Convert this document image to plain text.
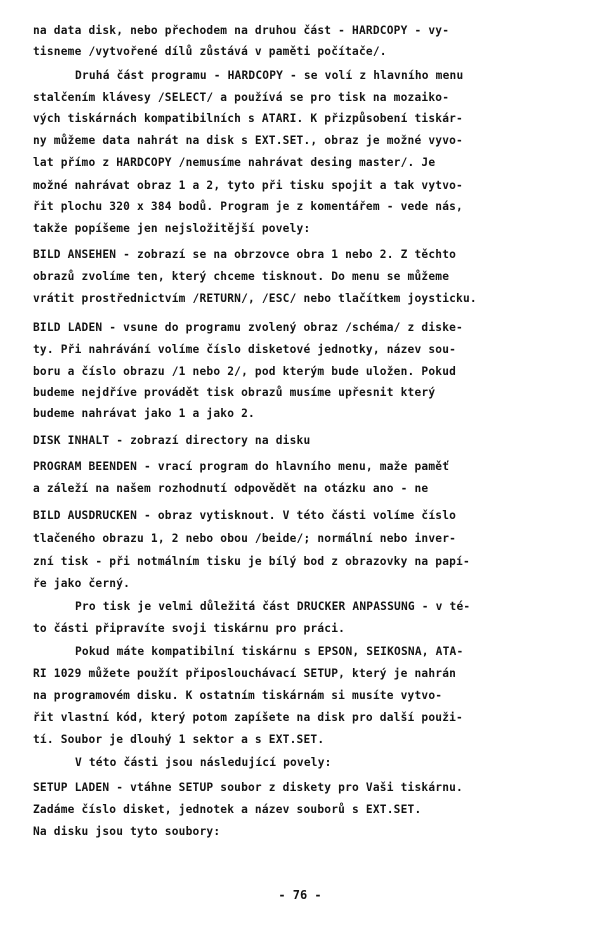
na data disk, nebo přechodem na druhou část - HARDCOPY - vy-
tisneme /vytvořené dílů zůstává v paměti počítače/.
Druhá část programu - HARDCOPY - se volí z hlavního menu
stalčením klávesy /SELECT/ a používá se pro tisk na mozaiko-
vých tiskárnách kompatibilních s ATARI. K přizpůsobení tiskár-
ny můžeme data nahrát na disk s EXT.SET., obraz je možné vyvo-
lat přímo z HARDCOPY /nemusíme nahrávat desing master/. Je
možné nahrávat obraz 1 a 2, tyto při tisku spojit a tak vytvo-
řit plochu 320 x 384 bodů. Program je z komentářem - vede nás,
takže popíšeme jen nejsložitější povely:
BILD ANSEHEN - zobrazí se na obrzovce obra 1 nebo 2. Z těchto
obrazů zvolíme ten, který chceme tisknout. Do menu se můžeme
vrátit prostřednictvím /RETURN/, /ESC/ nebo tlačítkem joysticku.
BILD LADEN - vsune do programu zvolený obraz /schéma/ z diske-
ty. Při nahrávání volíme číslo disketové jednotky, název sou-
boru a číslo obrazu /1 nebo 2/, pod kterým bude uložen. Pokud
budeme nejdříve provádět tisk obrazů musíme upřesnit který
budeme nahrávat jako 1 a jako 2.
DISK INHALT - zobrazí directory na disku
PROGRAM BEENDEN - vrací program do hlavního menu, maže paměť
a záleží na našem rozhodnutí odpovědět na otázku ano - ne
BILD AUSDRUCKEN - obraz vytisknout. V této části volíme číslo
tlačeného obrazu 1, 2 nebo obou /beide/; normální nebo inver-
zní tisk - při notmálním tisku je bílý bod z obrazovky na papí-
ře jako černý.
Pro tisk je velmi důležitá část DRUCKER ANPASSUNG - v té-
to části připravíte svoji tiskárnu pro práci.
Pokud máte kompatibilní tiskárnu s EPSON, SEIKOSNA, ATA-
RI 1029 můžete použít připoslouchávací SETUP, který je nahrán
na programovém disku. K ostatním tiskárnám si musíte vytvo-
řit vlastní kód, který potom zapíšete na disk pro další použi-
tí. Soubor je dlouhý 1 sektor a s EXT.SET.
V této části jsou následující povely:
SETUP LADEN - vtáhne SETUP soubor z diskety pro Vaši tiskárnu.
Zadáme číslo disket, jednotek a název souborů s EXT.SET.
Na disku jsou tyto soubory:
- 76 -
